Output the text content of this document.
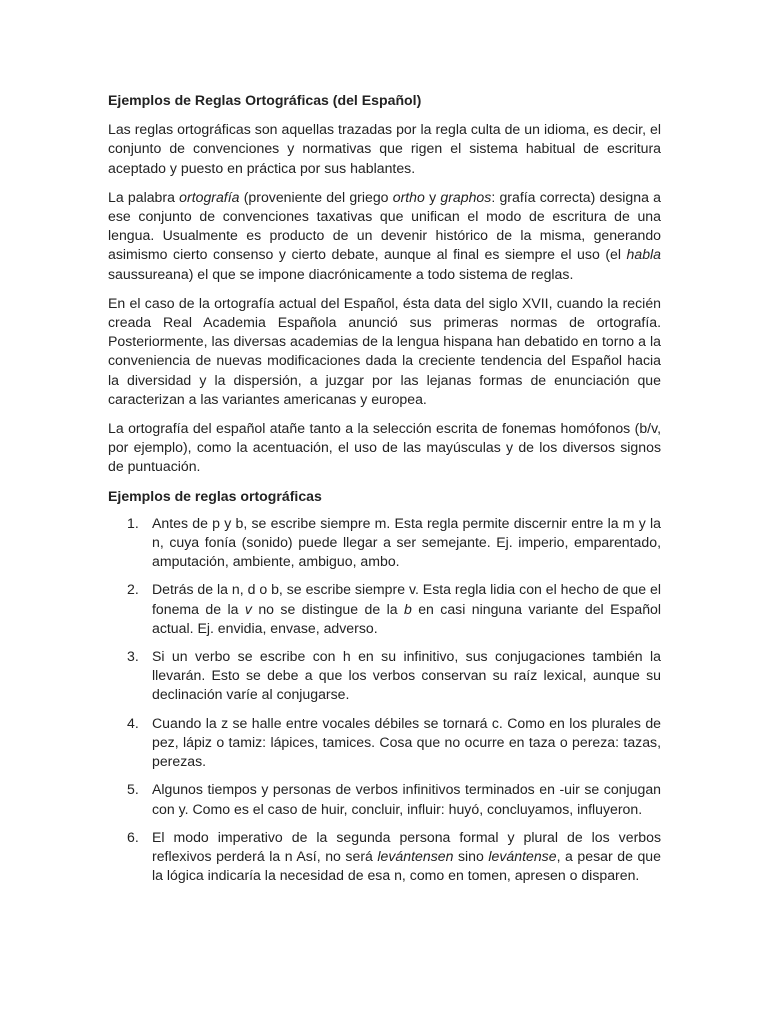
Ejemplos de Reglas Ortográficas (del Español)

Las reglas ortográficas son aquellas trazadas por la regla culta de un idioma, es decir, el conjunto de convenciones y normativas que rigen el sistema habitual de escritura aceptado y puesto en práctica por sus hablantes.

La palabra ortografía (proveniente del griego ortho y graphos: grafía correcta) designa a ese conjunto de convenciones taxativas que unifican el modo de escritura de una lengua. Usualmente es producto de un devenir histórico de la misma, generando asimismo cierto consenso y cierto debate, aunque al final es siempre el uso (el habla saussureana) el que se impone diacrónicamente a todo sistema de reglas.

En el caso de la ortografía actual del Español, ésta data del siglo XVII, cuando la recién creada Real Academia Española anunció sus primeras normas de ortografía. Posteriormente, las diversas academias de la lengua hispana han debatido en torno a la conveniencia de nuevas modificaciones dada la creciente tendencia del Español hacia la diversidad y la dispersión, a juzgar por las lejanas formas de enunciación que caracterizan a las variantes americanas y europea.

La ortografía del español atañe tanto a la selección escrita de fonemas homófonos (b/v, por ejemplo), como la acentuación, el uso de las mayúsculas y de los diversos signos de puntuación.

Ejemplos de reglas ortográficas
1. Antes de p y b, se escribe siempre m. Esta regla permite discernir entre la m y la n, cuya fonía (sonido) puede llegar a ser semejante. Ej. imperio, emparentado, amputación, ambiente, ambiguo, ambo.
2. Detrás de la n, d o b, se escribe siempre v. Esta regla lidia con el hecho de que el fonema de la v no se distingue de la b en casi ninguna variante del Español actual. Ej. envidia, envase, adverso.
3. Si un verbo se escribe con h en su infinitivo, sus conjugaciones también la llevarán. Esto se debe a que los verbos conservan su raíz lexical, aunque su declinación varíe al conjugarse.
4. Cuando la z se halle entre vocales débiles se tornará c. Como en los plurales de pez, lápiz o tamiz: lápices, tamices. Cosa que no ocurre en taza o pereza: tazas, perezas.
5. Algunos tiempos y personas de verbos infinitivos terminados en -uir se conjugan con y. Como es el caso de huir, concluir, influir: huyó, concluyamos, influyeron.
6. El modo imperativo de la segunda persona formal y plural de los verbos reflexivos perderá la n Así, no será levántensen sino levántense, a pesar de que la lógica indicaría la necesidad de esa n, como en tomen, apresen o disparen.
